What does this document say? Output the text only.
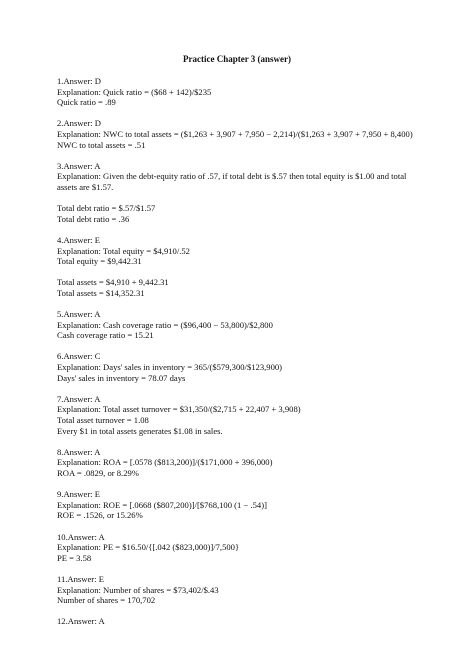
Practice Chapter 3 (answer)
1.Answer: D
Explanation: Quick ratio = ($68 + 142)/$235
Quick ratio = .89
2.Answer: D
Explanation: NWC to total assets = ($1,263 + 3,907 + 7,950 − 2,214)/($1,263 + 3,907 + 7,950 + 8,400)
NWC to total assets = .51
3.Answer: A
Explanation: Given the debt-equity ratio of .57, if total debt is $.57 then total equity is $1.00 and total assets are $1.57.
Total debt ratio = $.57/$1.57
Total debt ratio = .36
4.Answer: E
Explanation: Total equity = $4,910/.52
Total equity = $9,442.31
Total assets = $4,910 + 9,442.31
Total assets = $14,352.31
5.Answer: A
Explanation: Cash coverage ratio = ($96,400 − 53,800)/$2,800
Cash coverage ratio = 15.21
6.Answer: C
Explanation: Days' sales in inventory = 365/($579,300/$123,900)
Days' sales in inventory = 78.07 days
7.Answer: A
Explanation: Total asset turnover = $31,350/($2,715 + 22,407 + 3,908)
Total asset turnover = 1.08
Every $1 in total assets generates $1.08 in sales.
8.Answer: A
Explanation: ROA = [.0578 ($813,200)]/($171,000 + 396,000)
ROA = .0829, or 8.29%
9.Answer: E
Explanation: ROE = [.0668 ($807,200)]/[$768,100 (1 − .54)]
ROE = .1526, or 15.26%
10.Answer: A
Explanation: PE = $16.50/{[.042 ($823,000)]/7,500}
PE = 3.58
11.Answer: E
Explanation: Number of shares = $73,402/$.43
Number of shares = 170,702
12.Answer: A
